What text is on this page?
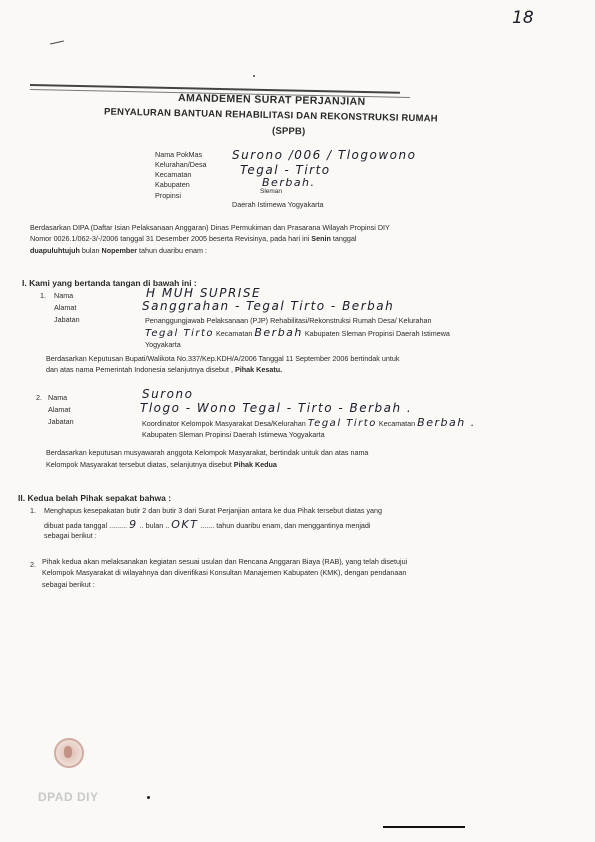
18
AMANDEMEN SURAT PERJANJIAN
PENYALURAN BANTUAN REHABILITASI DAN REKONSTRUKSI RUMAH
(SPPB)
Nama PokMas
Kelurahan/Desa
Kecamatan
Kabupaten
Propinsi
Surono /006 / Tlogowono
Tegal - Tirto
Berbah.
Sleman
Daerah Istimewa Yogyakarta
Berdasarkan DIPA (Daftar Isian Pelaksanaan Anggaran) Dinas Permukiman dan Prasarana Wilayah Propinsi DIY
Nomor 0026.1/062-3/-/2006 tanggal 31 Desember 2005 beserta Revisinya, pada hari ini Senin tanggal
duapuluhtujuh bulan Nopember tahun duaribu enam :
I. Kami yang bertanda tangan di bawah ini :
1. Nama
Alamat
Jabatan
H MUH SUPRISE
Sanggrahan - Tegal Tirto - Berbah
Penanggungjawab Pelaksanaan (PJP) Rehabilitasi/Rekonstruksi Rumah Desa/ Kelurahan
Tegal Tirto Kecamatan Berbah Kabupaten Sleman Propinsi Daerah Istimewa
Yogyakarta
Berdasarkan Keputusan Bupati/Walikota No.337/Kep.KDH/A/2006 Tanggal 11 September 2006 bertindak untuk
dan atas nama Pemerintah Indonesia selanjutnya disebut , Pihak Kesatu.
2. Nama
Alamat
Jabatan
Surono
Tlogo - Wono Tegal - Tirto - Berbah .
Koordinator Kelompok Masyarakat Desa/Kelurahan Tegal Tirto Kecamatan Berbah .
Kabupaten Sleman Propinsi Daerah Istimewa Yogyakarta
Berdasarkan keputusan musyawarah anggota Kelompok Masyarakat, bertindak untuk dan atas nama
Kelompok Masyarakat tersebut diatas, selanjutnya disebut Pihak Kedua
II. Kedua belah Pihak sepakat bahwa :
1. Menghapus kesepakatan butir 2 dan butir 3 dari Surat Perjanjian antara ke dua Pihak tersebut diatas yang
dibuat pada tanggal ......... 9 .. bulan .. OKT ....... tahun duaribu enam, dan menggantinya menjadi
sebagai berikut :
2. Pihak kedua akan melaksanakan kegiatan sesuai usulan dan Rencana Anggaran Biaya (RAB), yang telah disetujui
Kelompok Masyarakat di wilayahnya dan diverifikasi Konsultan Manajemen Kabupaten (KMK), dengan pendanaan
sebagai berikut :
DPAD DIY
